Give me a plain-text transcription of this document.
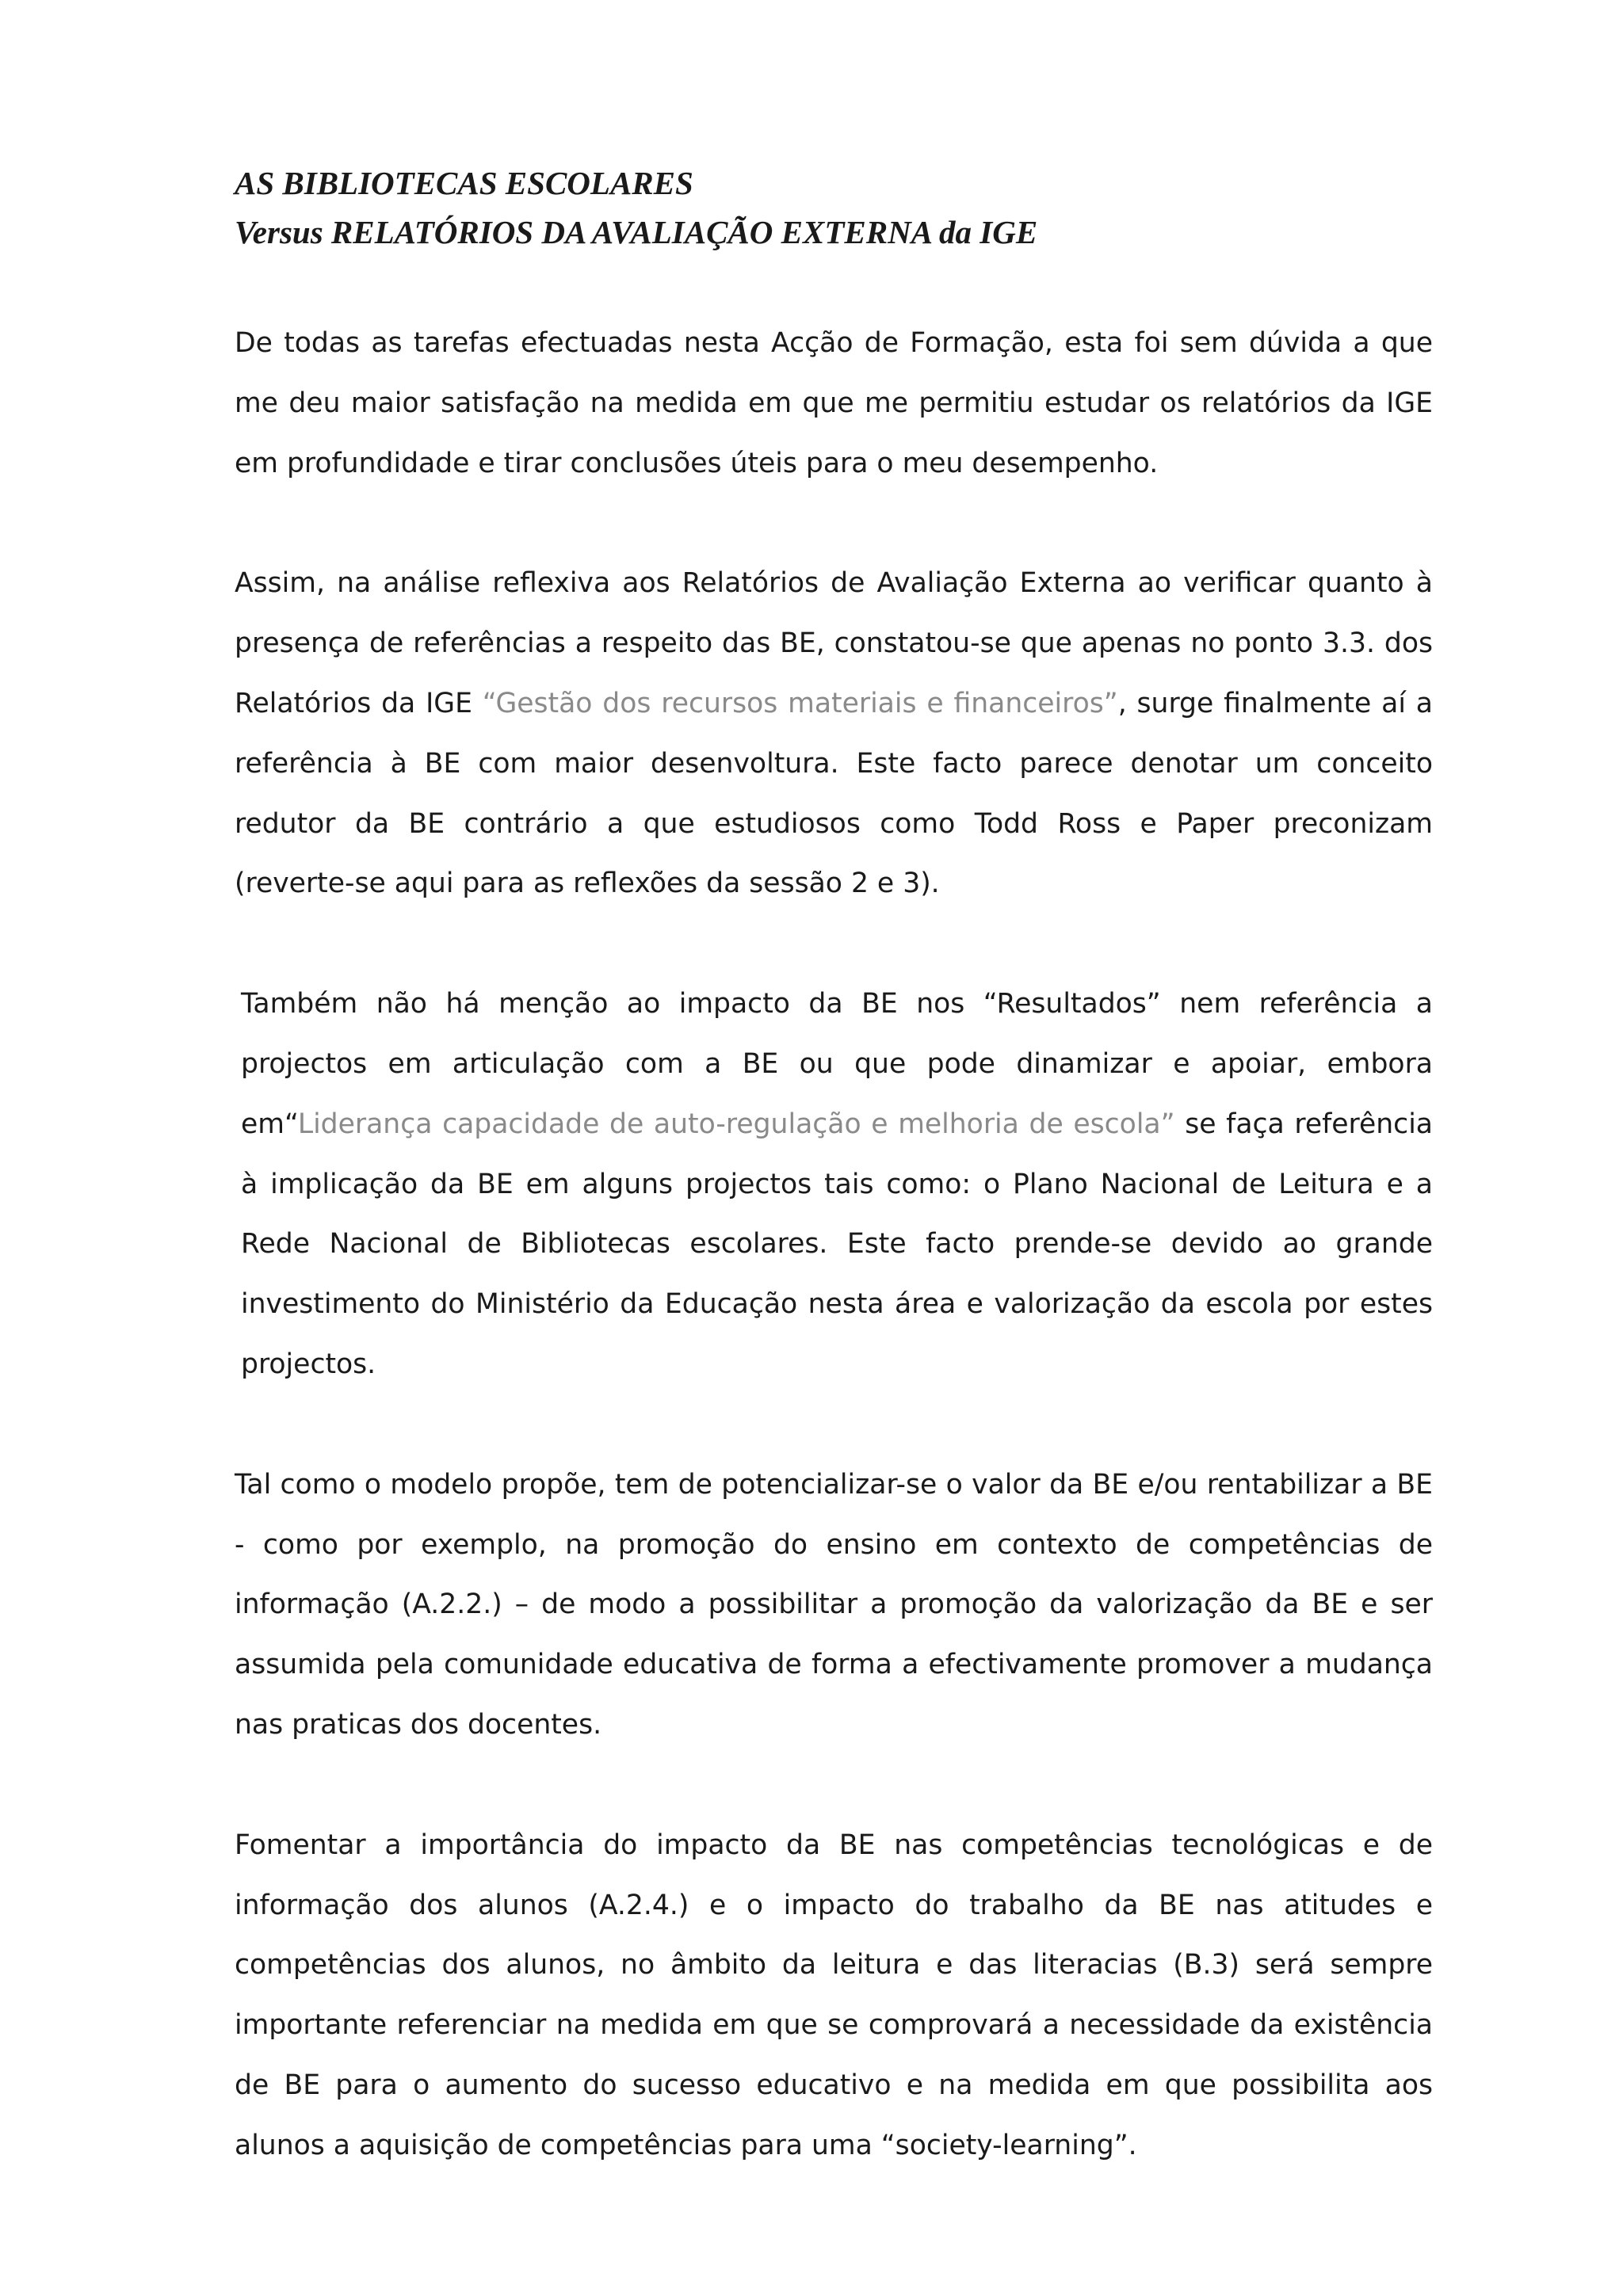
AS BIBLIOTECAS ESCOLARES
Versus RELATÓRIOS DA AVALIAÇÃO EXTERNA da IGE

De todas as tarefas efectuadas nesta Acção de Formação, esta foi sem dúvida a que me deu maior satisfação na medida em que me permitiu estudar os relatórios da IGE em profundidade e tirar conclusões úteis para o meu desempenho.

Assim, na análise reflexiva aos Relatórios de Avaliação Externa ao verificar quanto à presença de referências a respeito das BE, constatou-se que apenas no ponto 3.3. dos Relatórios da IGE “Gestão dos recursos materiais e financeiros”, surge finalmente aí a referência à BE com maior desenvoltura. Este facto parece denotar um conceito redutor da BE contrário a que estudiosos como Todd Ross e Paper preconizam (reverte-se aqui para as reflexões da sessão 2 e 3).

Também não há menção ao impacto da BE nos “Resultados” nem referência a projectos em articulação com a BE ou que pode dinamizar e apoiar, embora em“Liderança capacidade de auto-regulação e melhoria de escola” se faça referência à implicação da BE em alguns projectos tais como: o Plano Nacional de Leitura e a Rede Nacional de Bibliotecas escolares. Este facto prende-se devido ao grande investimento do Ministério da Educação nesta área e valorização da escola por estes projectos.

Tal como o modelo propõe, tem de potencializar-se o valor da BE e/ou rentabilizar a BE - como por exemplo, na promoção do ensino em contexto de competências de informação (A.2.2.) – de modo a possibilitar a promoção da valorização da BE e ser assumida pela comunidade educativa de forma a efectivamente promover a mudança nas praticas dos docentes.

Fomentar a importância do impacto da BE nas competências tecnológicas e de informação dos alunos (A.2.4.) e o impacto do trabalho da BE nas atitudes e competências dos alunos, no âmbito da leitura e das literacias (B.3) será sempre importante referenciar na medida em que se comprovará a necessidade da existência de BE para o aumento do sucesso educativo e na medida em que possibilita aos alunos a aquisição de competências para uma “society-learning”.
